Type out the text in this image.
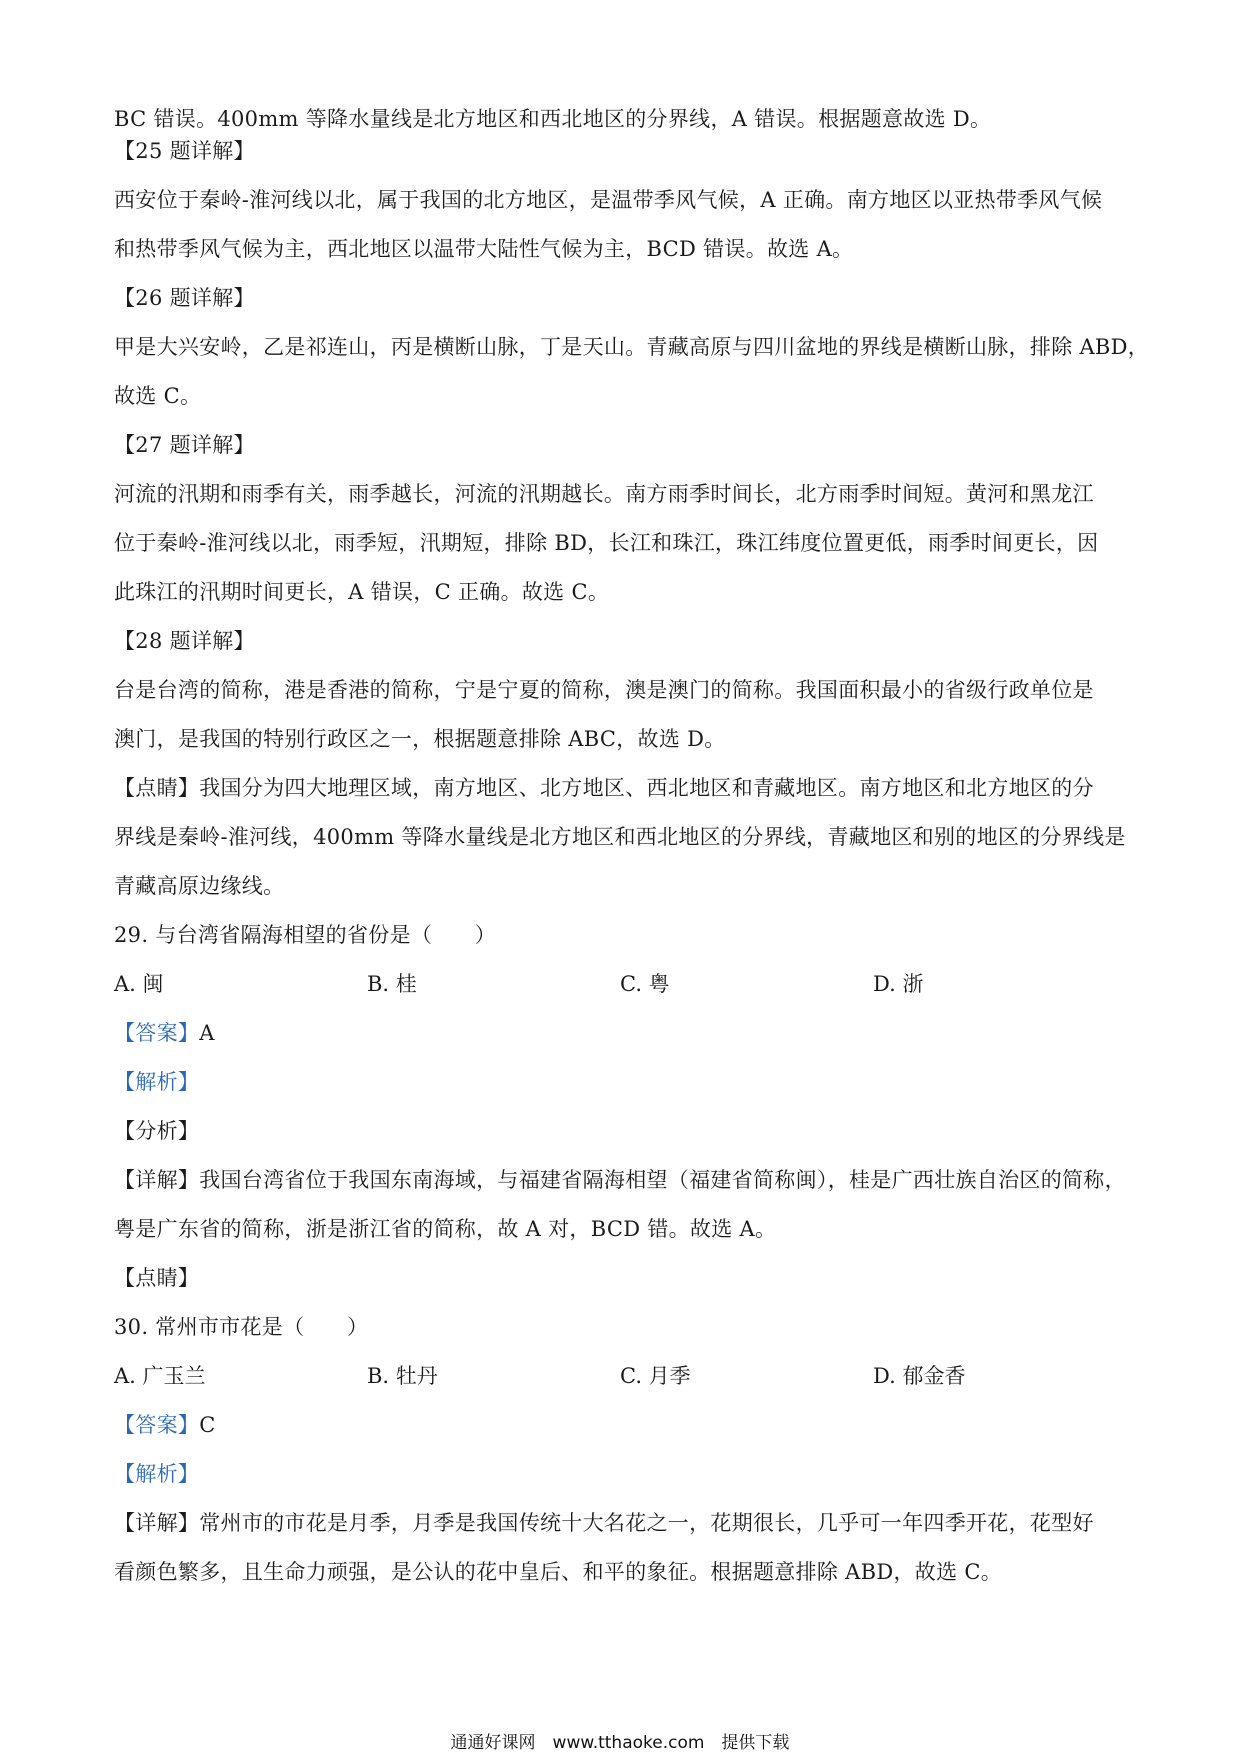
BC 错误。400mm 等降水量线是北方地区和西北地区的分界线，A 错误。根据题意故选 D。
【25 题详解】
西安位于秦岭-淮河线以北，属于我国的北方地区，是温带季风气候，A 正确。南方地区以亚热带季风气候
和热带季风气候为主，西北地区以温带大陆性气候为主，BCD 错误。故选 A。
【26 题详解】
甲是大兴安岭，乙是祁连山，丙是横断山脉，丁是天山。青藏高原与四川盆地的界线是横断山脉，排除 ABD，
故选 C。
【27 题详解】
河流的汛期和雨季有关，雨季越长，河流的汛期越长。南方雨季时间长，北方雨季时间短。黄河和黑龙江
位于秦岭-淮河线以北，雨季短，汛期短，排除 BD，长江和珠江，珠江纬度位置更低，雨季时间更长，因
此珠江的汛期时间更长，A 错误，C 正确。故选 C。
【28 题详解】
台是台湾的简称，港是香港的简称，宁是宁夏的简称，澳是澳门的简称。我国面积最小的省级行政单位是
澳门，是我国的特别行政区之一，根据题意排除 ABC，故选 D。
【点睛】我国分为四大地理区域，南方地区、北方地区、西北地区和青藏地区。南方地区和北方地区的分
界线是秦岭-淮河线，400mm 等降水量线是北方地区和西北地区的分界线，青藏地区和别的地区的分界线是
青藏高原边缘线。
29. 与台湾省隔海相望的省份是（　　）
A. 闽	B. 桂	C. 粤	D. 浙
【答案】A
【解析】
【分析】
【详解】我国台湾省位于我国东南海域，与福建省隔海相望（福建省简称闽），桂是广西壮族自治区的简称，
粤是广东省的简称，浙是浙江省的简称，故 A 对，BCD 错。故选 A。
【点睛】
30. 常州市市花是（　　）
A. 广玉兰	B. 牡丹	C. 月季	D. 郁金香
【答案】C
【解析】
【详解】常州市的市花是月季，月季是我国传统十大名花之一，花期很长，几乎可一年四季开花，花型好
看颜色繁多，且生命力顽强，是公认的花中皇后、和平的象征。根据题意排除 ABD，故选 C。
通通好课网　www.tthaoke.com　提供下载
